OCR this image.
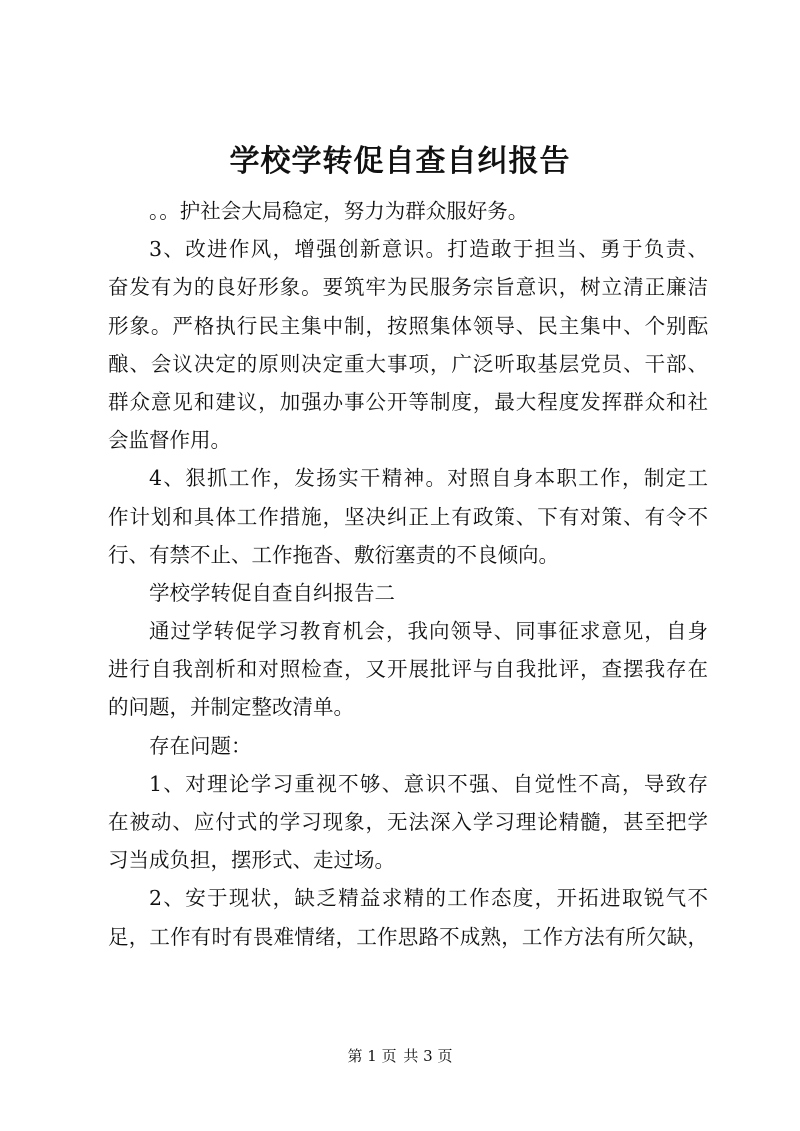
学校学转促自查自纠报告
。。护社会大局稳定，努力为群众服好务。
3、改进作风，增强创新意识。打造敢于担当、勇于负责、
奋发有为的良好形象。要筑牢为民服务宗旨意识，树立清正廉洁
形象。严格执行民主集中制，按照集体领导、民主集中、个别酝
酿、会议决定的原则决定重大事项，广泛听取基层党员、干部、
群众意见和建议，加强办事公开等制度，最大程度发挥群众和社
会监督作用。
4、狠抓工作，发扬实干精神。对照自身本职工作，制定工
作计划和具体工作措施，坚决纠正上有政策、下有对策、有令不
行、有禁不止、工作拖沓、敷衍塞责的不良倾向。
学校学转促自查自纠报告二
通过学转促学习教育机会，我向领导、同事征求意见，自身
进行自我剖析和对照检查，又开展批评与自我批评，查摆我存在
的问题，并制定整改清单。
存在问题：
1、对理论学习重视不够、意识不强、自觉性不高，导致存
在被动、应付式的学习现象，无法深入学习理论精髓，甚至把学
习当成负担，摆形式、走过场。
2、安于现状，缺乏精益求精的工作态度，开拓进取锐气不
足，工作有时有畏难情绪，工作思路不成熟，工作方法有所欠缺，
第 1 页 共 3 页
